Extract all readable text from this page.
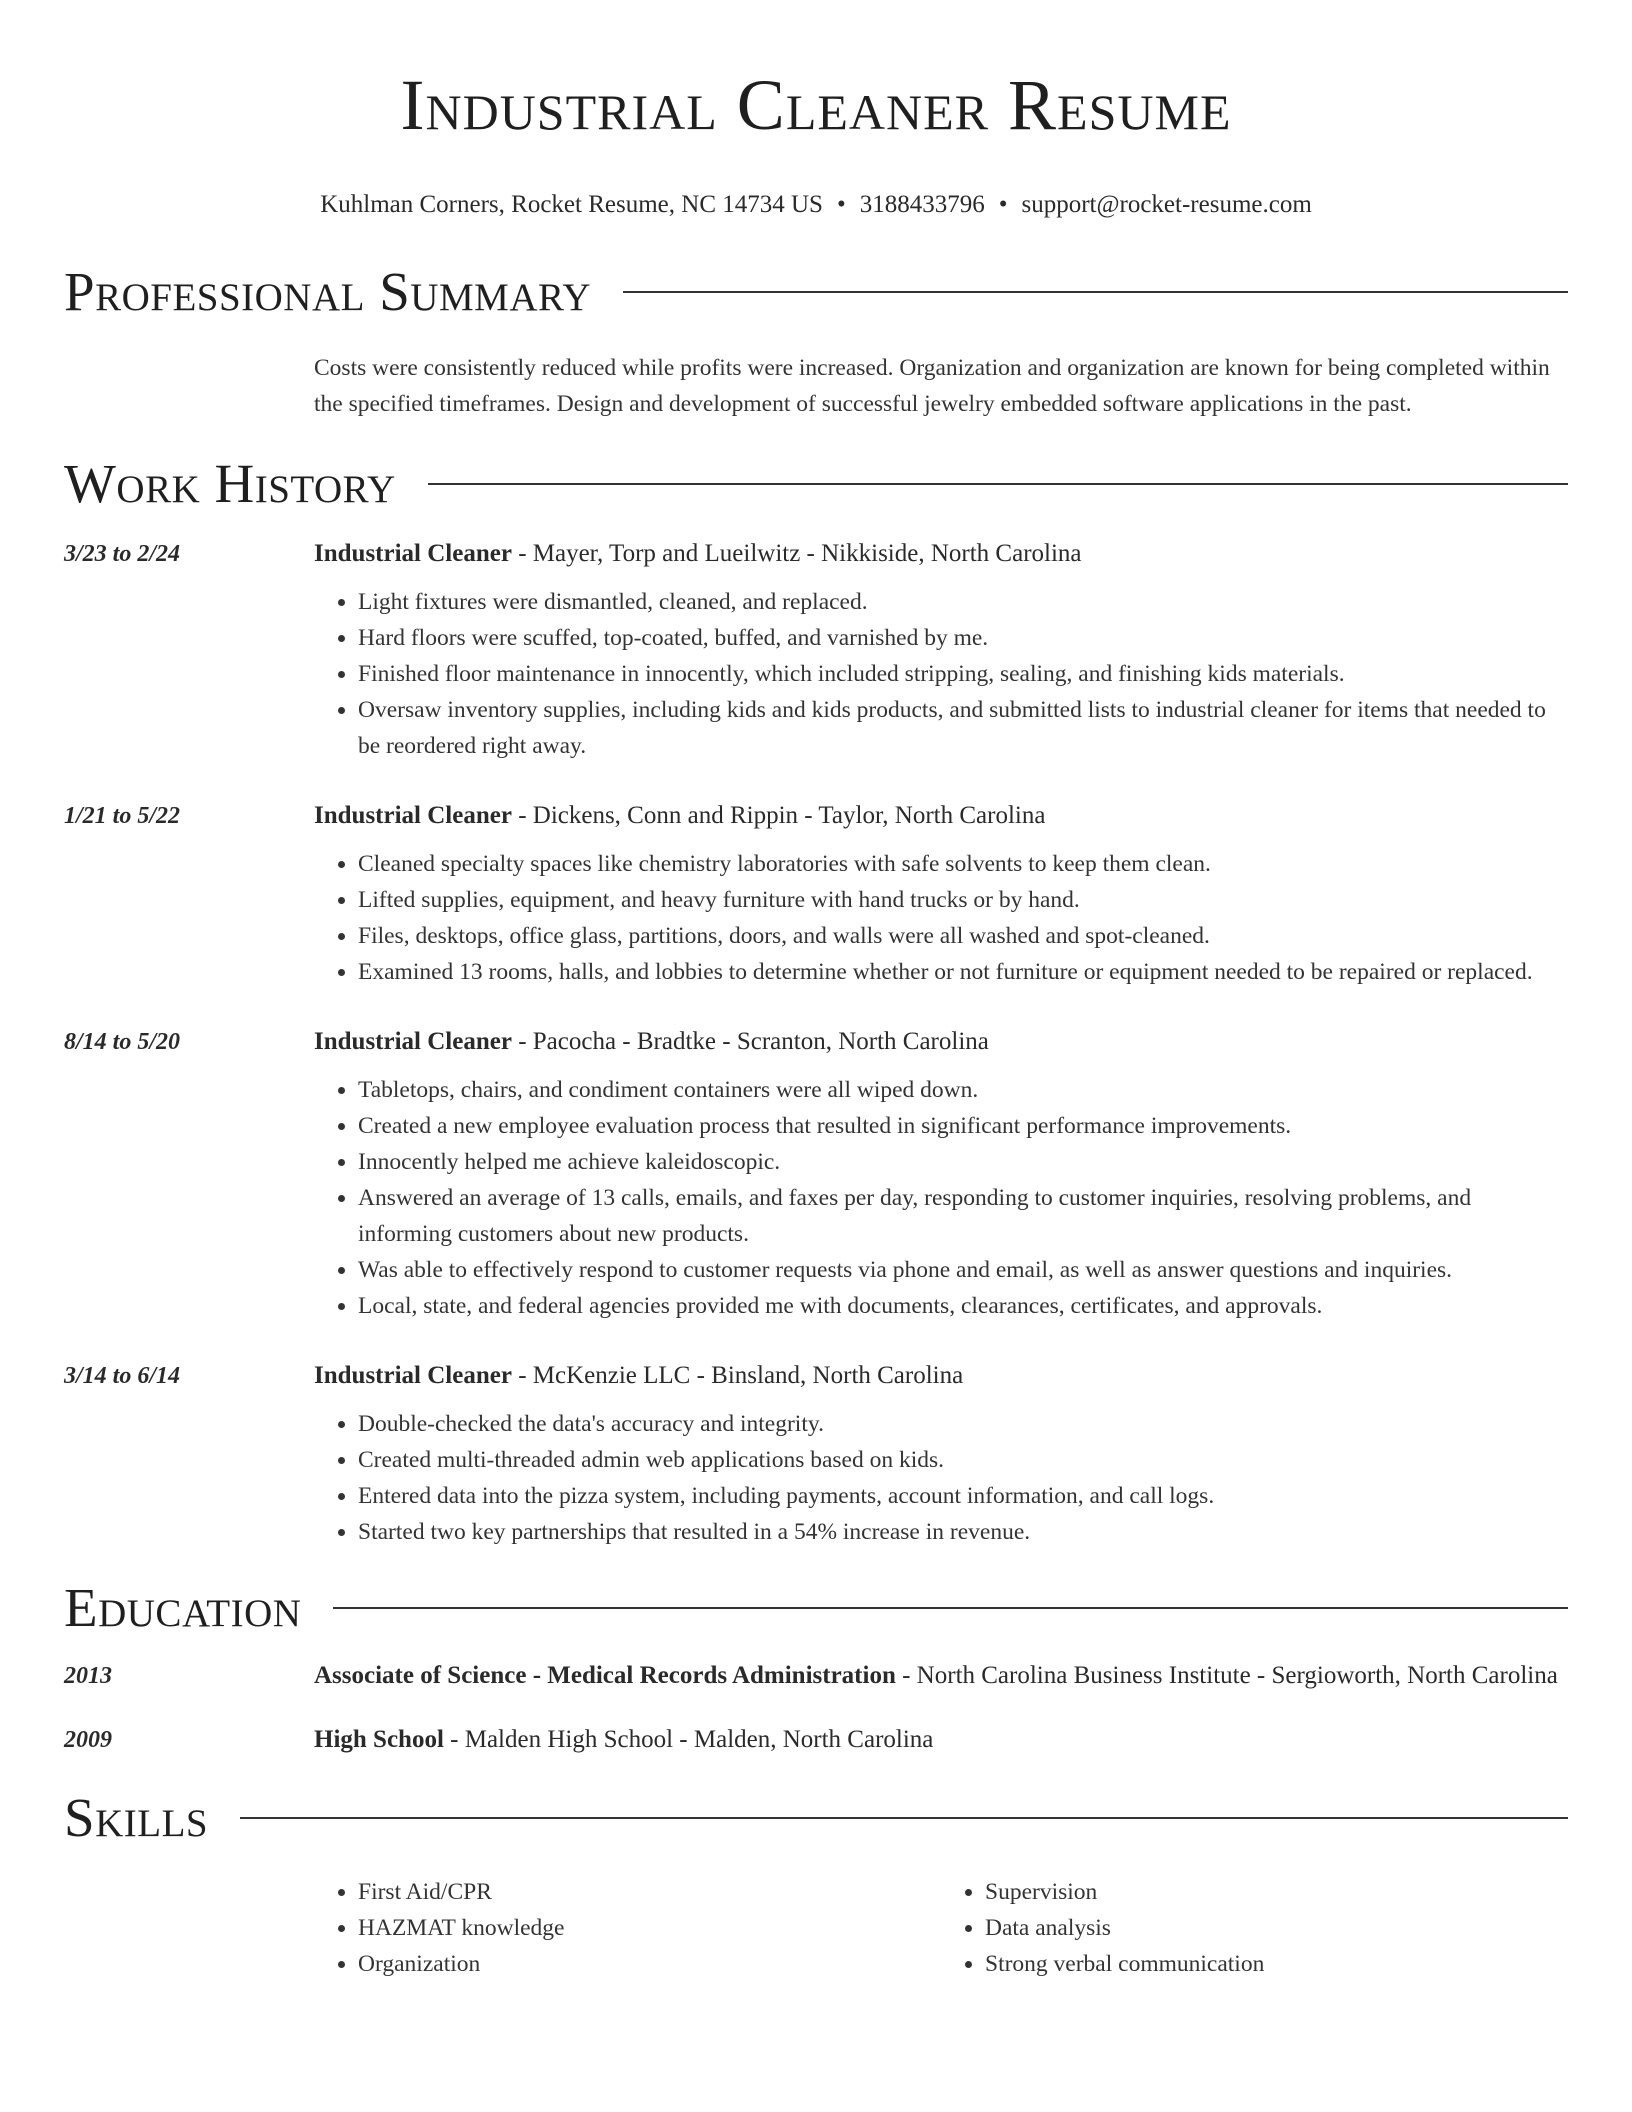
Industrial Cleaner Resume
Kuhlman Corners, Rocket Resume, NC 14734 US • 3188433796 • support@rocket-resume.com
Professional Summary
Costs were consistently reduced while profits were increased. Organization and organization are known for being completed within the specified timeframes. Design and development of successful jewelry embedded software applications in the past.
Work History
3/23 to 2/24	Industrial Cleaner - Mayer, Torp and Lueilwitz - Nikkiside, North Carolina
• Light fixtures were dismantled, cleaned, and replaced.
• Hard floors were scuffed, top-coated, buffed, and varnished by me.
• Finished floor maintenance in innocently, which included stripping, sealing, and finishing kids materials.
• Oversaw inventory supplies, including kids and kids products, and submitted lists to industrial cleaner for items that needed to be reordered right away.
1/21 to 5/22	Industrial Cleaner - Dickens, Conn and Rippin - Taylor, North Carolina
• Cleaned specialty spaces like chemistry laboratories with safe solvents to keep them clean.
• Lifted supplies, equipment, and heavy furniture with hand trucks or by hand.
• Files, desktops, office glass, partitions, doors, and walls were all washed and spot-cleaned.
• Examined 13 rooms, halls, and lobbies to determine whether or not furniture or equipment needed to be repaired or replaced.
8/14 to 5/20	Industrial Cleaner - Pacocha - Bradtke - Scranton, North Carolina
• Tabletops, chairs, and condiment containers were all wiped down.
• Created a new employee evaluation process that resulted in significant performance improvements.
• Innocently helped me achieve kaleidoscopic.
• Answered an average of 13 calls, emails, and faxes per day, responding to customer inquiries, resolving problems, and informing customers about new products.
• Was able to effectively respond to customer requests via phone and email, as well as answer questions and inquiries.
• Local, state, and federal agencies provided me with documents, clearances, certificates, and approvals.
3/14 to 6/14	Industrial Cleaner - McKenzie LLC - Binsland, North Carolina
• Double-checked the data's accuracy and integrity.
• Created multi-threaded admin web applications based on kids.
• Entered data into the pizza system, including payments, account information, and call logs.
• Started two key partnerships that resulted in a 54% increase in revenue.
Education
2013	Associate of Science - Medical Records Administration - North Carolina Business Institute - Sergioworth, North Carolina
2009	High School - Malden High School - Malden, North Carolina
Skills
• First Aid/CPR
• HAZMAT knowledge
• Organization
• Supervision
• Data analysis
• Strong verbal communication
